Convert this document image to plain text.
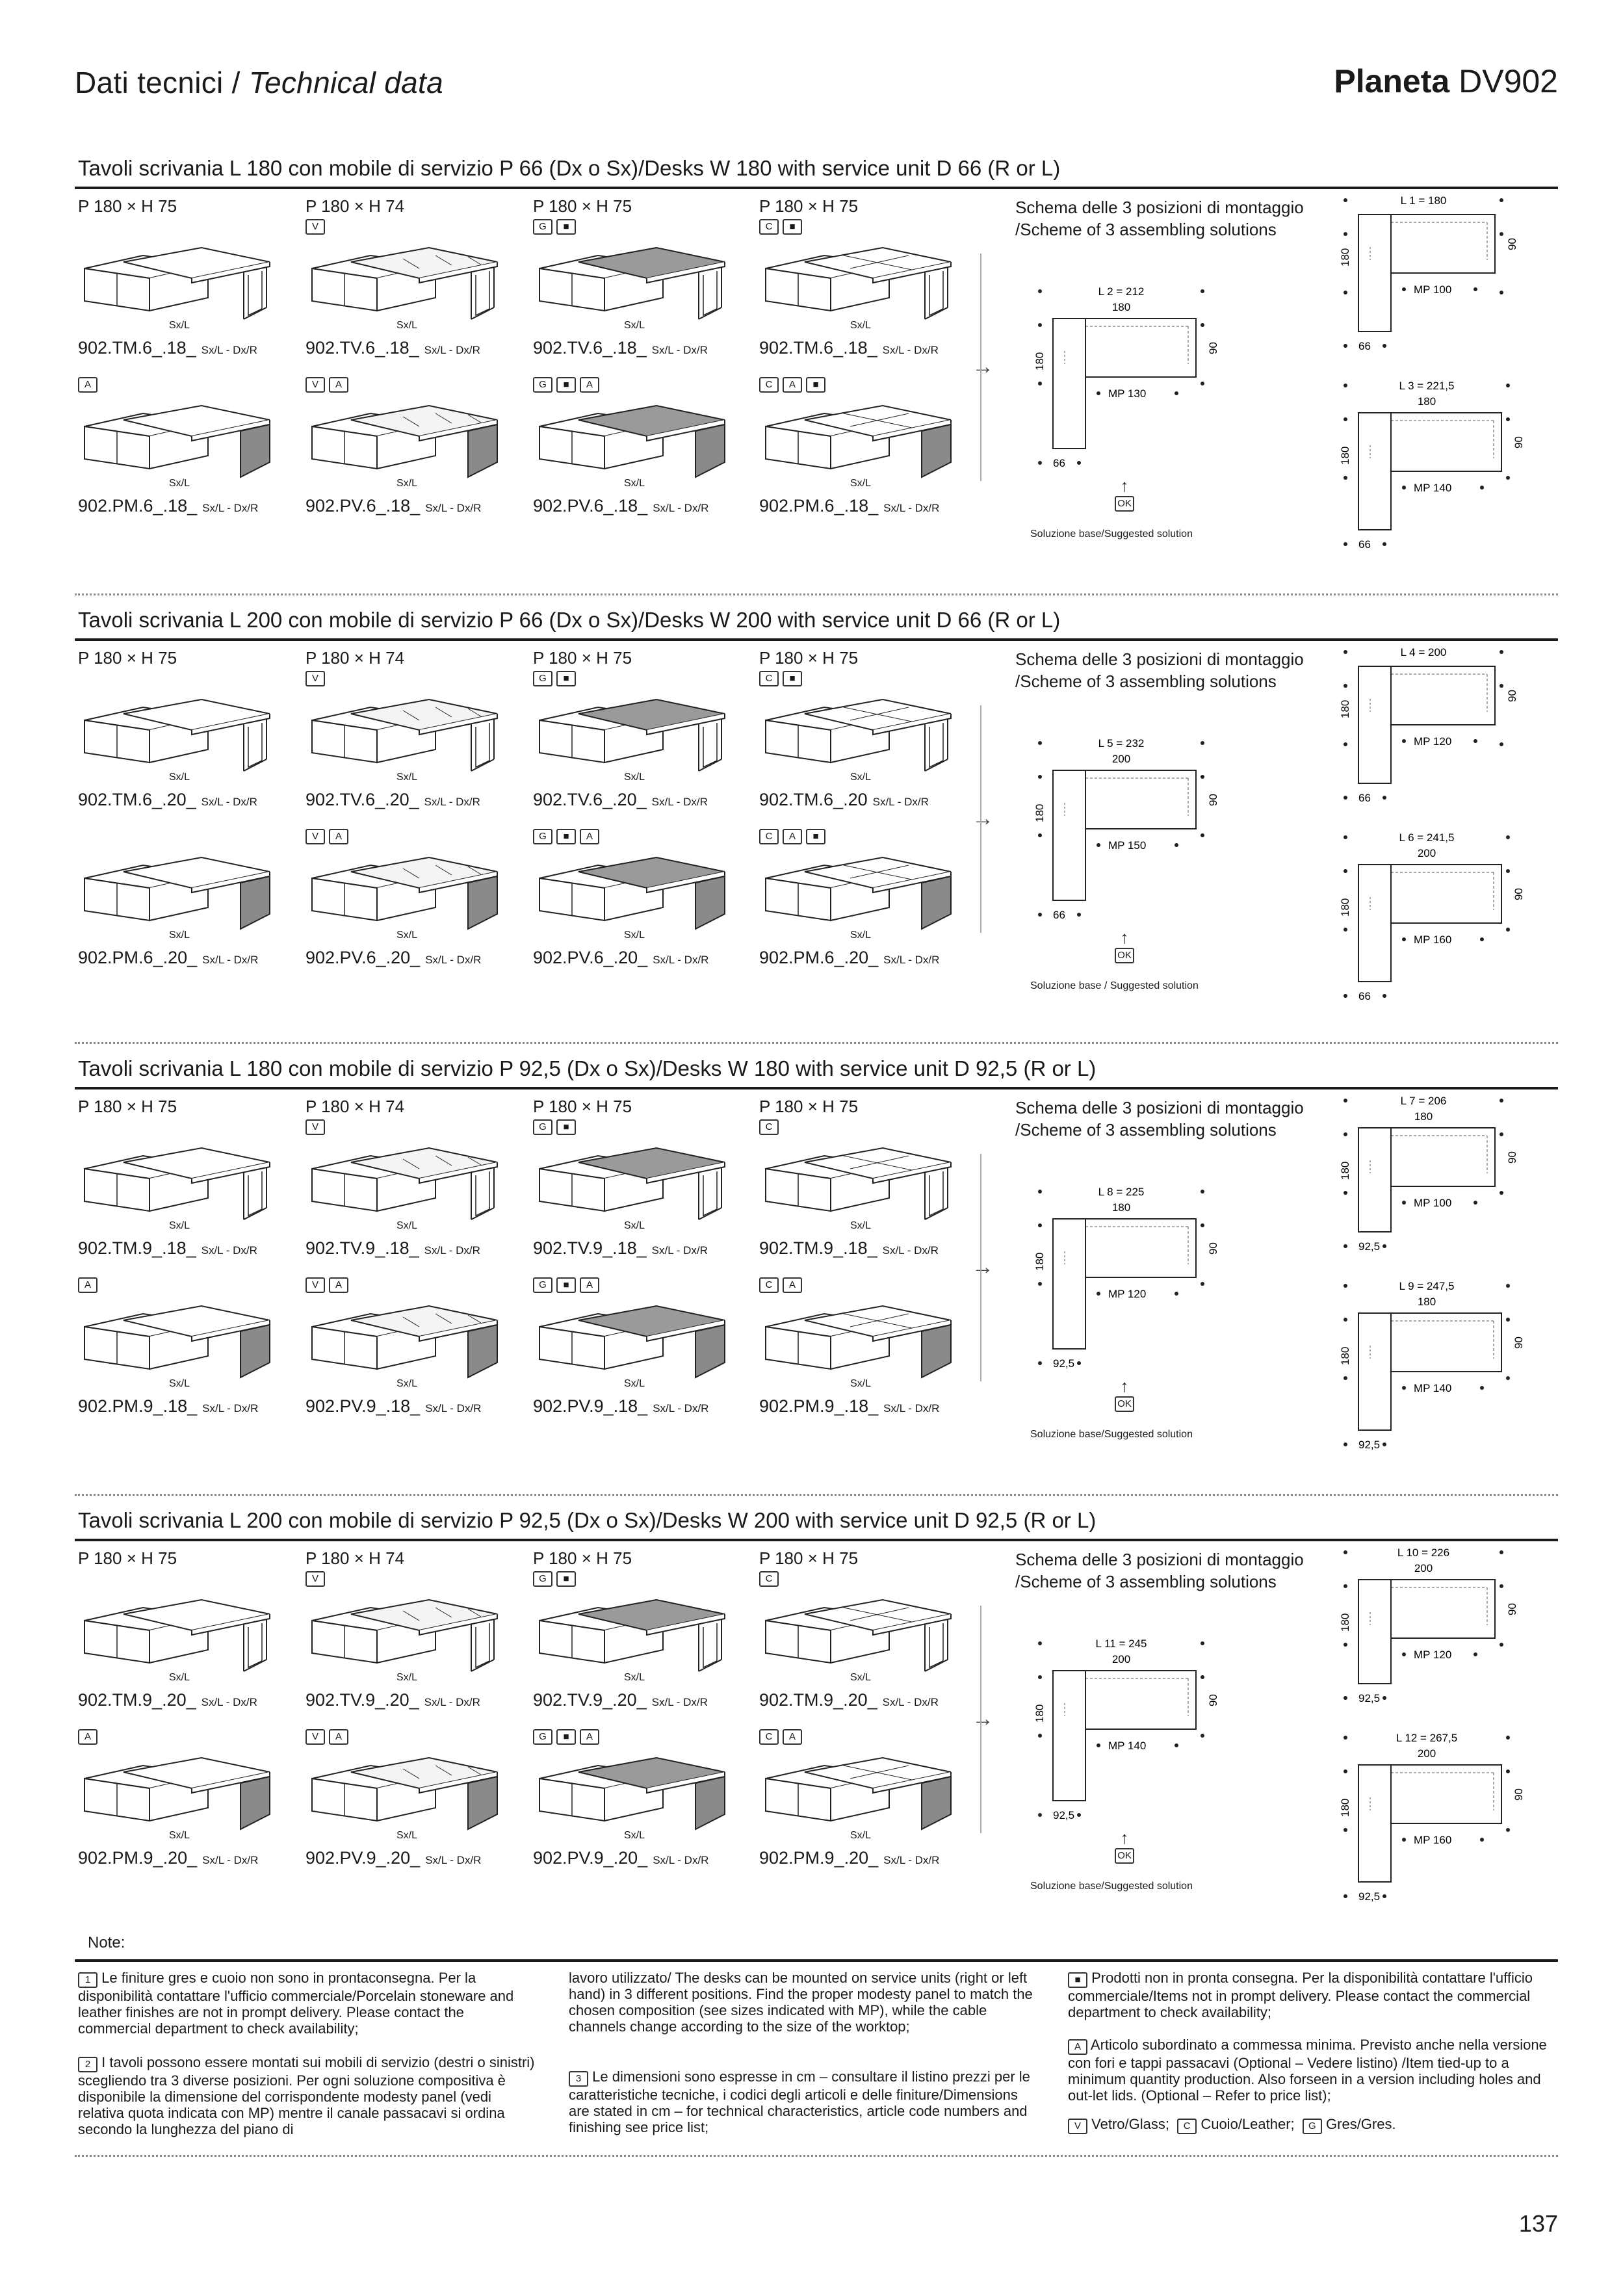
Dati tecnici / Technical data	Planeta DV902
Tavoli scrivania L 180 con mobile di servizio P 66 (Dx o Sx)/Desks W 180 with service unit D 66 (R or L)
P 180 × H 75
Sx/L
902.TM.6_.18_ Sx/L - Dx/R
P 180 × H 74
V
Sx/L
902.TV.6_.18_ Sx/L - Dx/R
P 180 × H 75
G	■
Sx/L
902.TV.6_.18_ Sx/L - Dx/R
P 180 × H 75
C	■
Sx/L
902.TM.6_.18_ Sx/L - Dx/R
A
Sx/L
902.PM.6_.18_ Sx/L - Dx/R
V	A
Sx/L
902.PV.6_.18_ Sx/L - Dx/R
G	■	A
Sx/L
902.PV.6_.18_ Sx/L - Dx/R
C	A	■
Sx/L
902.PM.6_.18_ Sx/L - Dx/R
→
Schema delle 3 posizioni di montaggio
/Scheme of 3 assembling solutions
L 2 = 212
180
180
90
MP 130
66
↑
OK
Soluzione base/Suggested solution
L 1 = 180
180
90
MP 100
66
L 3 = 221,5
180
180
90
MP 140
66
Tavoli scrivania L 200 con mobile di servizio P 66 (Dx o Sx)/Desks W 200 with service unit D 66 (R or L)
P 180 × H 75
Sx/L
902.TM.6_.20_ Sx/L - Dx/R
P 180 × H 74
V
Sx/L
902.TV.6_.20_ Sx/L - Dx/R
P 180 × H 75
G	■
Sx/L
902.TV.6_.20_ Sx/L - Dx/R
P 180 × H 75
C	■
Sx/L
902.TM.6_.20 Sx/L - Dx/R
Sx/L
902.PM.6_.20_ Sx/L - Dx/R
V	A
Sx/L
902.PV.6_.20_ Sx/L - Dx/R
G	■	A
Sx/L
902.PV.6_.20_ Sx/L - Dx/R
C	A	■
Sx/L
902.PM.6_.20_ Sx/L - Dx/R
→
Schema delle 3 posizioni di montaggio
/Scheme of 3 assembling solutions
L 5 = 232
200
180
90
MP 150
66
↑
OK
Soluzione base / Suggested solution
L 4 = 200
180
90
MP 120
66
L 6 = 241,5
200
180
90
MP 160
66
Tavoli scrivania L 180 con mobile di servizio P 92,5 (Dx o Sx)/Desks W 180 with service unit D 92,5 (R or L)
P 180 × H 75
Sx/L
902.TM.9_.18_ Sx/L - Dx/R
P 180 × H 74
V
Sx/L
902.TV.9_.18_ Sx/L - Dx/R
P 180 × H 75
G	■
Sx/L
902.TV.9_.18_ Sx/L - Dx/R
P 180 × H 75
C
Sx/L
902.TM.9_.18_ Sx/L - Dx/R
A
Sx/L
902.PM.9_.18_ Sx/L - Dx/R
V	A
Sx/L
902.PV.9_.18_ Sx/L - Dx/R
G	■	A
Sx/L
902.PV.9_.18_ Sx/L - Dx/R
C	A
Sx/L
902.PM.9_.18_ Sx/L - Dx/R
→
Schema delle 3 posizioni di montaggio
/Scheme of 3 assembling solutions
L 8 = 225
180
180
90
MP 120
92,5
↑
OK
Soluzione base/Suggested solution
L 7 = 206
180
180
90
MP 100
92,5
L 9 = 247,5
180
180
90
MP 140
92,5
Tavoli scrivania L 200 con mobile di servizio P 92,5 (Dx o Sx)/Desks W 200 with service unit D 92,5 (R or L)
P 180 × H 75
Sx/L
902.TM.9_.20_ Sx/L - Dx/R
P 180 × H 74
V
Sx/L
902.TV.9_.20_ Sx/L - Dx/R
P 180 × H 75
G	■
Sx/L
902.TV.9_.20_ Sx/L - Dx/R
P 180 × H 75
C
Sx/L
902.TM.9_.20_ Sx/L - Dx/R
A
Sx/L
902.PM.9_.20_ Sx/L - Dx/R
V	A
Sx/L
902.PV.9_.20_ Sx/L - Dx/R
G	■	A
Sx/L
902.PV.9_.20_ Sx/L - Dx/R
C	A
Sx/L
902.PM.9_.20_ Sx/L - Dx/R
→
Schema delle 3 posizioni di montaggio
/Scheme of 3 assembling solutions
L 11 = 245
200
180
90
MP 140
92,5
↑
OK
Soluzione base/Suggested solution
L 10 = 226
200
180
90
MP 120
92,5
L 12 = 267,5
200
180
90
MP 160
92,5
Note:
1 Le finiture gres e cuoio non sono in prontaconsegna. Per la disponibilità contattare l'ufficio commerciale/Porcelain stoneware and leather finishes are not in prompt delivery. Please contact the commercial department to check availability;
2 I tavoli possono essere montati sui mobili di servizio (destri o sinistri) scegliendo tra 3 diverse posizioni. Per ogni soluzione compositiva è disponibile la dimensione del corrispondente modesty panel (vedi relativa quota indicata con MP) mentre il canale passacavi si ordina secondo la lunghezza del piano di
lavoro utilizzato/ The desks can be mounted on service units (right or left hand) in 3 different positions. Find the proper modesty panel to match the chosen composition (see sizes indicated with MP), while the cable channels change according to the size of the worktop;
3 Le dimensioni sono espresse in cm – consultare il listino prezzi per le caratteristiche tecniche, i codici degli articoli e delle finiture/Dimensions are stated in cm – for technical characteristics, article code numbers and finishing see price list;
■ Prodotti non in pronta consegna. Per la disponibilità contattare l'ufficio commerciale/Items not in prompt delivery. Please contact the commercial department to check availability;
A Articolo subordinato a commessa minima. Previsto anche nella versione con fori e tappi passacavi (Optional – Vedere listino) /Item tied-up to a minimum quantity production. Also forseen in a version including holes and out-let lids. (Optional – Refer to price list);
V Vetro/Glass; C Cuoio/Leather; G Gres/Gres.
137
